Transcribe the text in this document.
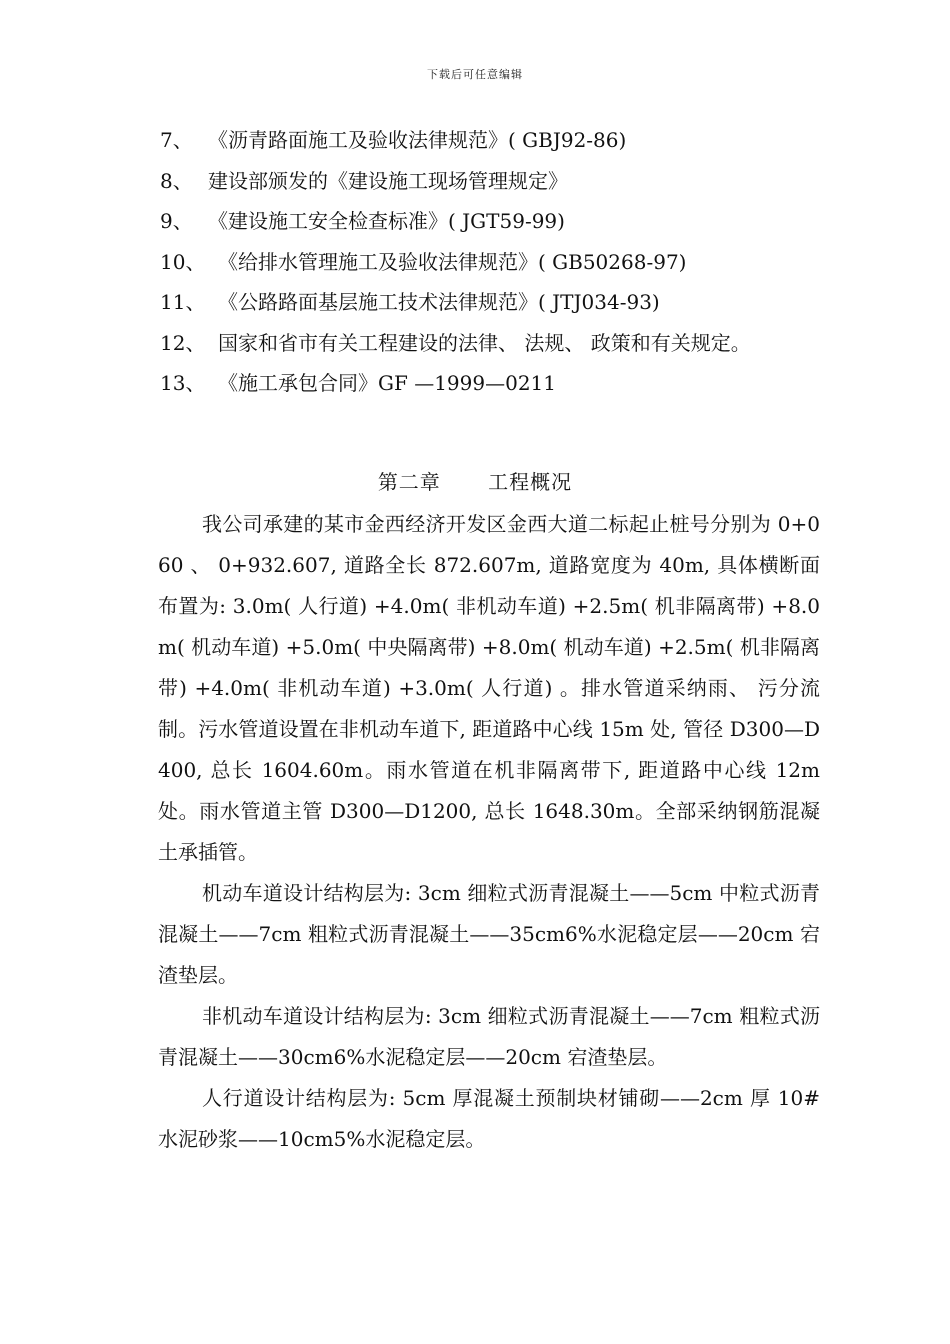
下载后可任意编辑
7、 《沥青路面施工及验收法律规范》( GBJ92-86)
8、 建设部颁发的《建设施工现场管理规定》
9、 《建设施工安全检查标准》( JGT59-99)
10、 《给排水管理施工及验收法律规范》( GB50268-97)
11、 《公路路面基层施工技术法律规范》( JTJ034-93)
12、 国家和省市有关工程建设的法律、 法规、 政策和有关规定。
13、 《施工承包合同》GF —1999—0211
第二章 工程概况

我公司承建的某市金西经济开发区金西大道二标起止桩号分别为 0+060 、 0+932.607, 道路全长 872.607m, 道路宽度为 40m, 具体横断面布置为: 3.0m( 人行道) +4.0m( 非机动车道) +2.5m( 机非隔离带) +8.0m( 机动车道) +5.0m( 中央隔离带) +8.0m( 机动车道) +2.5m( 机非隔离带) +4.0m( 非机动车道) +3.0m( 人行道) 。排水管道采纳雨、 污分流制。污水管道设置在非机动车道下, 距道路中心线 15m 处, 管径 D300—D400, 总长 1604.60m。雨水管道在机非隔离带下, 距道路中心线 12m 处。雨水管道主管 D300—D1200, 总长 1648.30m。全部采纳钢筋混凝土承插管。

机动车道设计结构层为: 3cm 细粒式沥青混凝土——5cm 中粒式沥青混凝土——7cm 粗粒式沥青混凝土——35cm6%水泥稳定层——20cm 宕渣垫层。

非机动车道设计结构层为: 3cm 细粒式沥青混凝土——7cm 粗粒式沥青混凝土——30cm6%水泥稳定层——20cm 宕渣垫层。

人行道设计结构层为: 5cm 厚混凝土预制块材铺砌——2cm 厚 10#水泥砂浆——10cm5%水泥稳定层。
